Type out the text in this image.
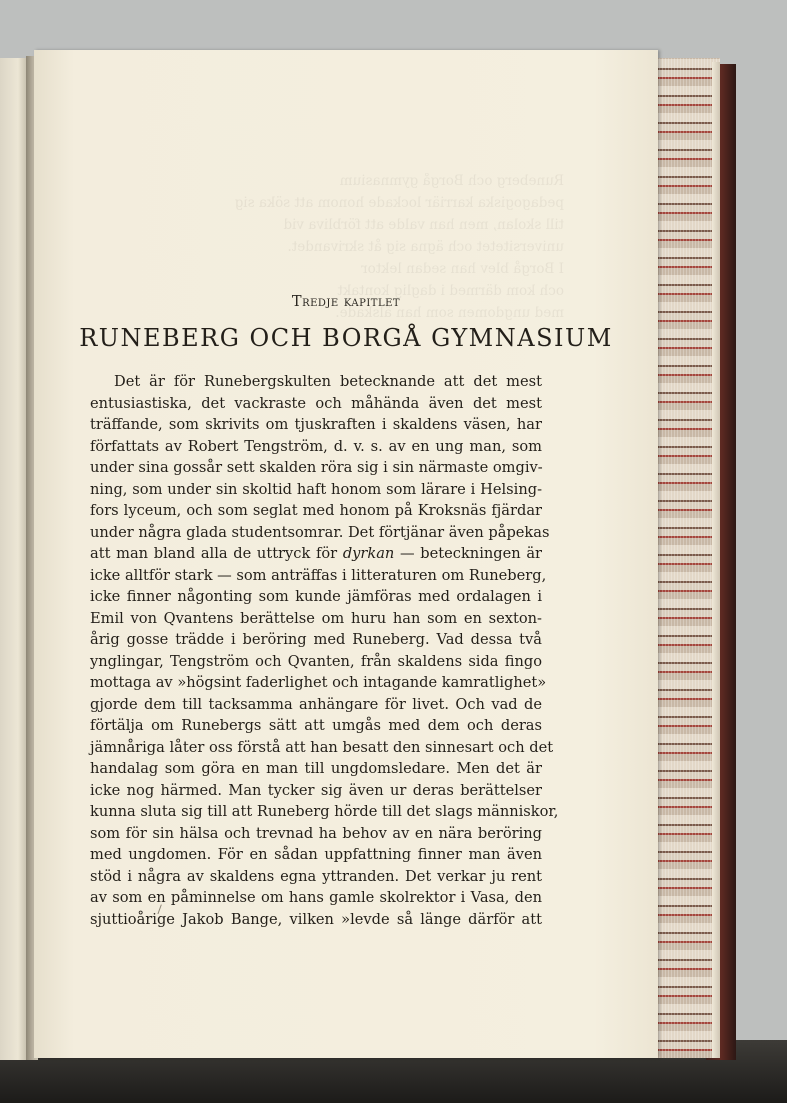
Runeberg och Borgå gymnasium
pedagogiska karriär lockade honom att söka sig
till skolan, men han valde att förbliva vid
universitetet och ägna sig åt skrivandet.
I Borgå blev han sedan lektor
och kom därmed i daglig kontakt
med ungdomen som han älskade.
Tredje kapitlet
RUNEBERG OCH BORGÅ GYMNASIUM
Det är för Runebergskulten betecknande att det mest
entusiastiska, det vackraste och måhända även det mest
träffande, som skrivits om tjuskraften i skaldens väsen, har
författats av Robert Tengström, d. v. s. av en ung man, som
under sina gossår sett skalden röra sig i sin närmaste omgiv-
ning, som under sin skoltid haft honom som lärare i Helsing-
fors lyceum, och som seglat med honom på Kroksnäs fjärdar
under några glada studentsomrar. Det förtjänar även påpekas
att man bland alla de uttryck för dyrkan — beteckningen är
icke alltför stark — som anträffas i litteraturen om Runeberg,
icke finner någonting som kunde jämföras med ordalagen i
Emil von Qvantens berättelse om huru han som en sexton-
årig gosse trädde i beröring med Runeberg. Vad dessa två
ynglingar, Tengström och Qvanten, från skaldens sida fingo
mottaga av »högsint faderlighet och intagande kamratlighet»
gjorde dem till tacksamma anhängare för livet. Och vad de
förtälja om Runebergs sätt att umgås med dem och deras
jämnåriga låter oss förstå att han besatt den sinnesart och det
handalag som göra en man till ungdomsledare. Men det är
icke nog härmed. Man tycker sig även ur deras berättelser
kunna sluta sig till att Runeberg hörde till det slags människor,
som för sin hälsa och trevnad ha behov av en nära beröring
med ungdomen. För en sådan uppfattning finner man även
stöd i några av skaldens egna yttranden. Det verkar ju rent
av som en påminnelse om hans gamle skolrektor i Vasa, den
sjuttioårige Jakob Bange, vilken »levde så länge därför att
